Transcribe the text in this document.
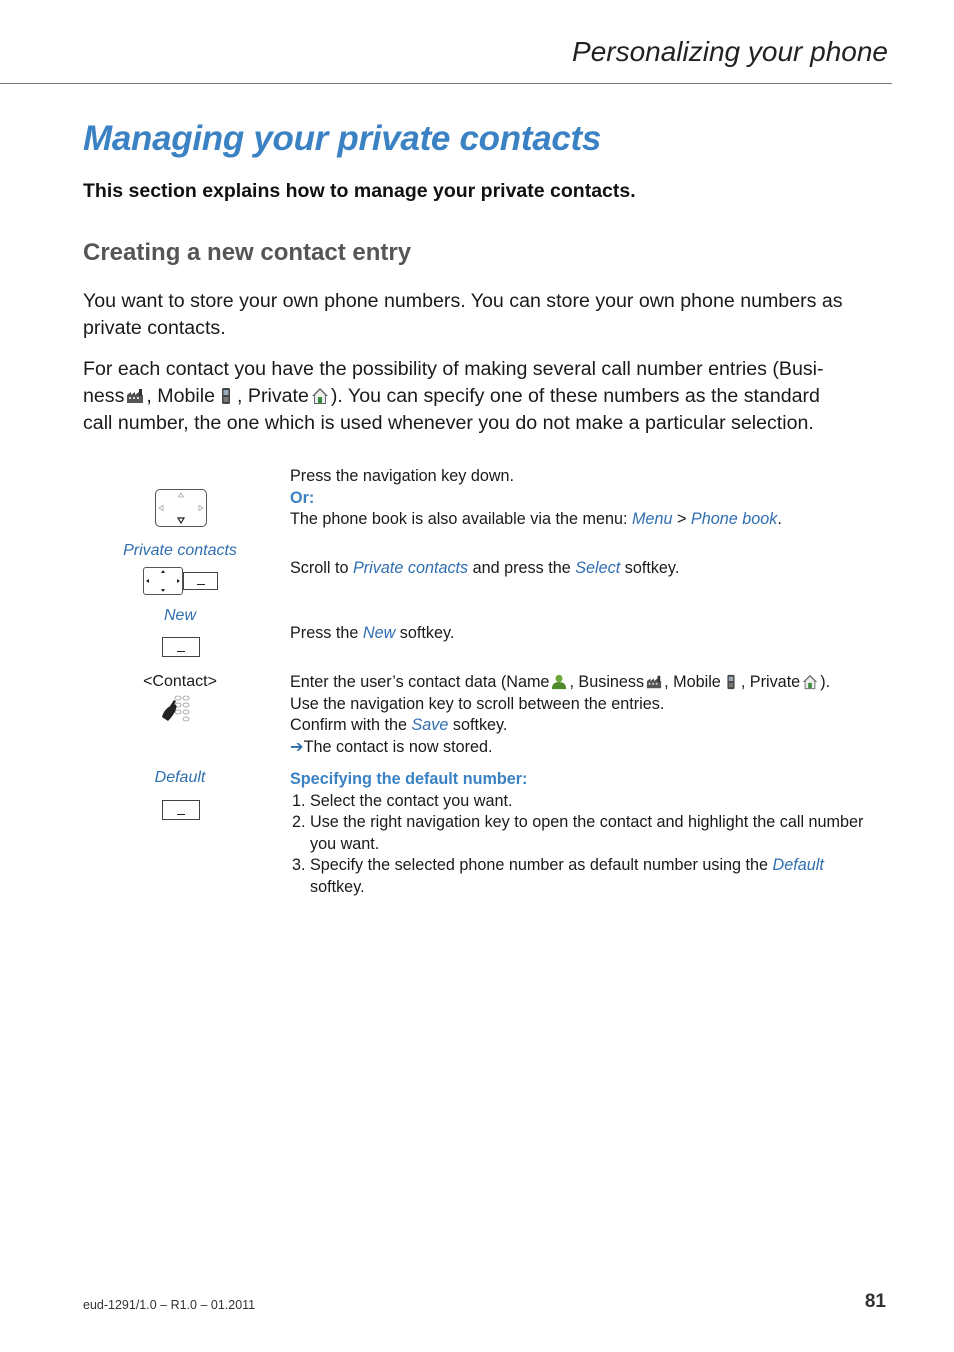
Personalizing your phone
Managing your private contacts
This section explains how to manage your private contacts.
Creating a new contact entry
You want to store your own phone numbers. You can store your own phone numbers as private contacts.
For each contact you have the possibility of making several call number entries (Busi-
ness , Mobile , Private ). You can specify one of these numbers as the standard
call number, the one which is used whenever you do not make a particular selection.
Press the navigation key down.
Or:
The phone book is also available via the menu: Menu > Phone book.
Private contacts
Scroll to Private contacts and press the Select softkey.
New
Press the New softkey.
<Contact>	Enter the user’s contact data (Name , Business , Mobile , Private ).
Use the navigation key to scroll between the entries.
Confirm with the Save softkey.
➔The contact is now stored.
Default	Specifying the default number:
1. Select the contact you want.
2. Use the right navigation key to open the contact and highlight the call number you want.
3. Specify the selected phone number as default number using the Default
softkey.
eud-1291/1.0 – R1.0 – 01.2011	81
